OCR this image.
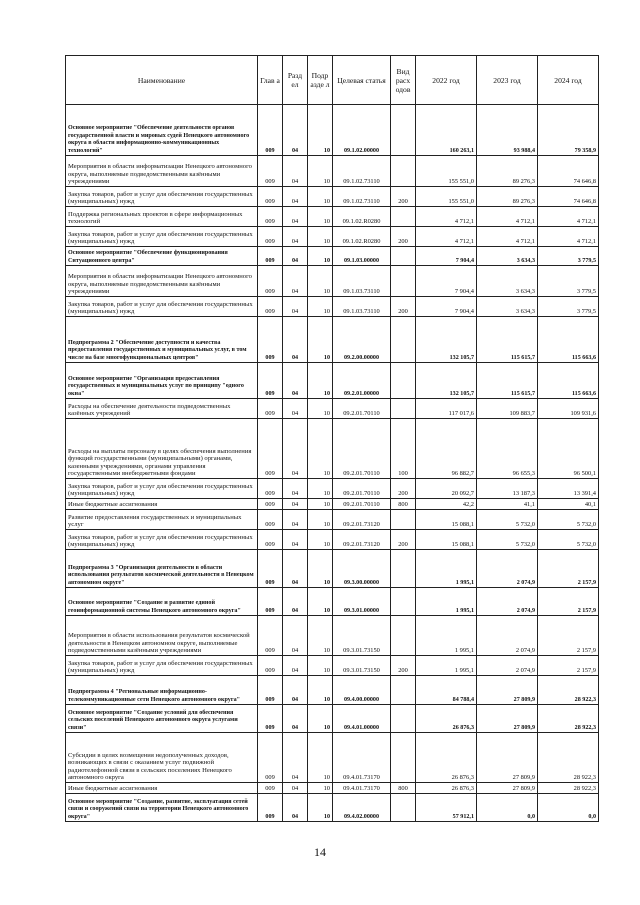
Наименование	Глав а	Разд ел	Подр азде л	Целевая статья	Вид расх одов	2022 год	2023 год	2024 год
Основное мероприятие "Обеспечение деятельности органов государственной власти и мировых судей Ненецкого автономного округа в области информационно-коммуникационных технологий"	009	04	10	09.1.02.00000		160 263,1	93 988,4	79 358,9
Мероприятия в области информатизации Ненецкого автономного округа, выполняемые подведомственными казёнными учреждениями	009	04	10	09.1.02.73110		155 551,0	89 276,3	74 646,8
Закупка товаров, работ и услуг для обеспечения государственных (муниципальных) нужд	009	04	10	09.1.02.73110	200	155 551,0	89 276,3	74 646,8
Поддержка региональных проектов в сфере информационных технологий	009	04	10	09.1.02.R0280		4 712,1	4 712,1	4 712,1
Закупка товаров, работ и услуг для обеспечения государственных (муниципальных) нужд	009	04	10	09.1.02.R0280	200	4 712,1	4 712,1	4 712,1
Основное мероприятие "Обеспечение функционирования Ситуационного центра"	009	04	10	09.1.03.00000		7 904,4	3 634,3	3 779,5
Мероприятия в области информатизации Ненецкого автономного округа, выполняемые подведомственными казёнными учреждениями	009	04	10	09.1.03.73110		7 904,4	3 634,3	3 779,5
Закупка товаров, работ и услуг для обеспечения государственных (муниципальных) нужд	009	04	10	09.1.03.73110	200	7 904,4	3 634,3	3 779,5
Подпрограмма 2 "Обеспечение доступности и качества предоставления государственных и муниципальных услуг, в том числе на базе многофункциональных центров"	009	04	10	09.2.00.00000		132 105,7	115 615,7	115 663,6
Основное мероприятие "Организация предоставления государственных и муниципальных услуг по принципу "одного окна"	009	04	10	09.2.01.00000		132 105,7	115 615,7	115 663,6
Расходы на обеспечение деятельности подведомственных казённых учреждений	009	04	10	09.2.01.70110		117 017,6	109 883,7	109 931,6
Расходы на выплаты персоналу в целях обеспечения выполнения функций государственными (муниципальными) органами, казенными учреждениями, органами управления государственными внебюджетными фондами	009	04	10	09.2.01.70110	100	96 882,7	96 655,3	96 500,1
Закупка товаров, работ и услуг для обеспечения государственных (муниципальных) нужд	009	04	10	09.2.01.70110	200	20 092,7	13 187,3	13 391,4
Иные бюджетные ассигнования	009	04	10	09.2.01.70110	800	42,2	41,1	40,1
Развитие предоставления государственных и муниципальных услуг	009	04	10	09.2.01.73120		15 088,1	5 732,0	5 732,0
Закупка товаров, работ и услуг для обеспечения государственных (муниципальных) нужд	009	04	10	09.2.01.73120	200	15 088,1	5 732,0	5 732,0
Подпрограмма 3 "Организация деятельности в области использования результатов космической деятельности в Ненецком автономном округе"	009	04	10	09.3.00.00000		1 995,1	2 074,9	2 157,9
Основное мероприятие "Создание и развитие единой геоинформационной системы Ненецкого автономного округа"	009	04	10	09.3.01.00000		1 995,1	2 074,9	2 157,9
Мероприятия в области использования результатов космической деятельности в Ненецком автономном округе, выполняемые подведомственными казёнными учреждениями	009	04	10	09.3.01.73150		1 995,1	2 074,9	2 157,9
Закупка товаров, работ и услуг для обеспечения государственных (муниципальных) нужд	009	04	10	09.3.01.73150	200	1 995,1	2 074,9	2 157,9
Подпрограмма 4 "Региональные информационно-телекоммуникационные сети Ненецкого автономного округа"	009	04	10	09.4.00.00000		84 788,4	27 809,9	28 922,3
Основное мероприятие "Создание условий для обеспечения сельских поселений Ненецкого автономного округа услугами связи"	009	04	10	09.4.01.00000		26 876,3	27 809,9	28 922,3
Субсидии в целях возмещения недополученных доходов, возникающих в связи с оказанием услуг подвижной радиотелефонной связи в сельских поселениях Ненецкого автономного округа	009	04	10	09.4.01.73170		26 876,3	27 809,9	28 922,3
Иные бюджетные ассигнования	009	04	10	09.4.01.73170	800	26 876,3	27 809,9	28 922,3
Основное мероприятие "Создание, развитие, эксплуатация сетей связи и сооружений связи на территории Ненецкого автономного округа"	009	04	10	09.4.02.00000		57 912,1	0,0	0,0
14
